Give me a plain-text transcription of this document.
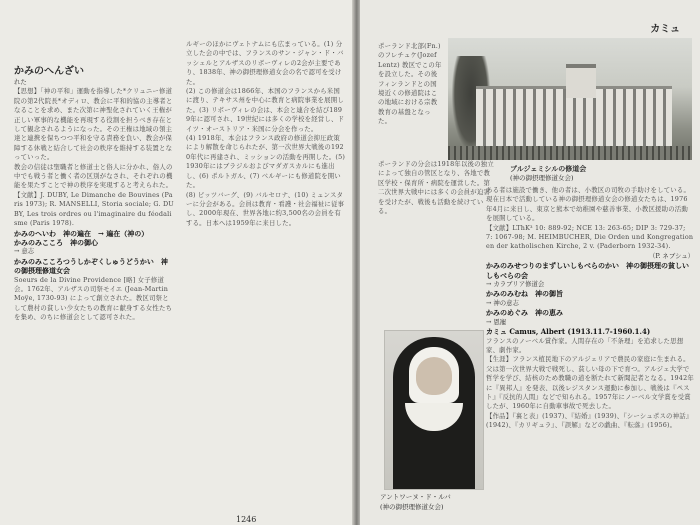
かみのへんざい

れた

【思想】「神の平和」運動を指導した*クリュニー修道院の第2代院長*オディロ、教会に平和的協の主導者となることを求め、また次第に神聖化されていく王権が正しい軍事的な機能を再現する役割を担うべき存在として観念されるようになった。その王権は地域の領主達と連携を保ちつつ平和を守る責務を負い、教会が保障する休戦と結合して社会の秩序を維持する装置となっていった。

教会の信徒は聖職者と修道士と俗人に分かれ、俗人の中でも戦う者と働く者の区別がなされ、それぞれの機能を果たすことで神の秩序を実現すると考えられた。

【文献】J. DUBY, Le Dimanche de Bouvines (Paris 1973); R. MANSELLI, Storia sociale; G. DUBY, Les trois ordres ou l'imaginaire du féodalisme (Paris 1978).

かみのへいわ　神の遍在　→ 遍在（神の）

かみのみこころ　神の御心

→ 意志

かみのみこころつうしかぞくしゅうどうかい　神の御摂理修道女会

Soeurs de la Divine Providence [略] 女子修道会。1762年、アルザスの司祭モイエ (Jean-Martin Moÿe, 1730-93) によって創立された。教区司祭として農村の貧しい少女たちの教育に献身する女性たちを集め、のちに修道会として認可された。

ルギーのほかにヴェトナムにも広まっている。(1) 分立した会の中では、フランスのサン・ジャン・ド・バッシェルとアルザスのリボーヴィレの2会が主要であり、1838年、神の御摂理修道女会の名で認可を受けた。

(2) この修道会は1866年、本国のフランスから米国に渡り、テキサス州を中心に教育と病院事業を展開した。(3) リボーヴィレの会は、本会と連合を結び1899年に認可され、19世紀には多くの学校を経営し、ドイツ・オーストリア・米国に分会を作った。

(4) 1918年、本会はフランス政府の修道会抑圧政策により解散を命じられたが、第一次世界大戦後の1920年代に再建され、ミッションの活動を再開した。(5) 1930年にはブラジルおよびマダガスカルにも進出し、(6) ポルトガル、(7) ベルギーにも修道院を開いた。

(8) ピッツバーグ、(9) バルセロナ、(10) ミュンスターに分会がある。会員は教育・看護・社会福祉に従事し、2000年現在、世界各地に約3,500名の会員を有する。日本へは1959年に来日した。

1246
カミュ
ブルジェミシルの修道会
(神の御摂理修道女会)

ポーランド北部(Fn.) のフレチュケ(Jozef Lentz) 教区でこの年を設立した。その後フィンランドとの国境近くの修道院はこの地域における宗教教育の基盤となった。

ポーランドの分会は1918年以後の独立によって独自の管区となり、各地で教区学校・保育所・病院を運営した。第二次世界大戦中には多くの会員が迫害を受けたが、戦後も活動を続けている。

ある者は施設で働き、他の者は、小教区の司牧の手助けをしている。現在日本で活動している神の御摂理修道女会の修道女たちは、1976年4月に来日し、東京と熊本で幼稚園や慈善事業、小教区援助の活動を展開している。

【文献】LThK³ 10: 889-92; NCE 13: 263-65; DIP 3: 729-37; 7: 1067-98; M. HEIMBUCHER, Die Orden und Kongregationen der katholischen Kirche, 2 v. (Paderborn 1932-34).

（P. ネブシュ）

かみのみせつりのまずしいしもべらのかい　神の御摂理の貧しいしもべらの会

→ カラブリア修道会

かみのみむね　神の御旨

→ 神の意志

かみのめぐみ　神の恵み

→ 恩寵

カミュ Camus, Albert (1913.11.7-1960.1.4)

フランスのノーベル賞作家。人間存在の「不条理」を追求した思想家、劇作家。

【生涯】フランス植民地下のアルジェリアで農民の家庭に生まれる。父は第一次世界大戦で戦死し、貧しい母の下で育つ。アルジェ大学で哲学を学び、結核のため教職の道を断たれて新聞記者となる。1942年に『異邦人』を発表、以後レジスタンス運動に参加し、戦後は『ペスト』『反抗的人間』などで知られる。1957年にノーベル文学賞を受賞したが、1960年に自動車事故で死去した。

【作品】『裏と表』(1937)、『結婚』(1939)、『シーシュポスの神話』(1942)、『カリギュラ』、『誤解』などの戯曲、『転落』(1956)。

アントワーヌ・ド・ルバ
(神の御摂理修道女会)
